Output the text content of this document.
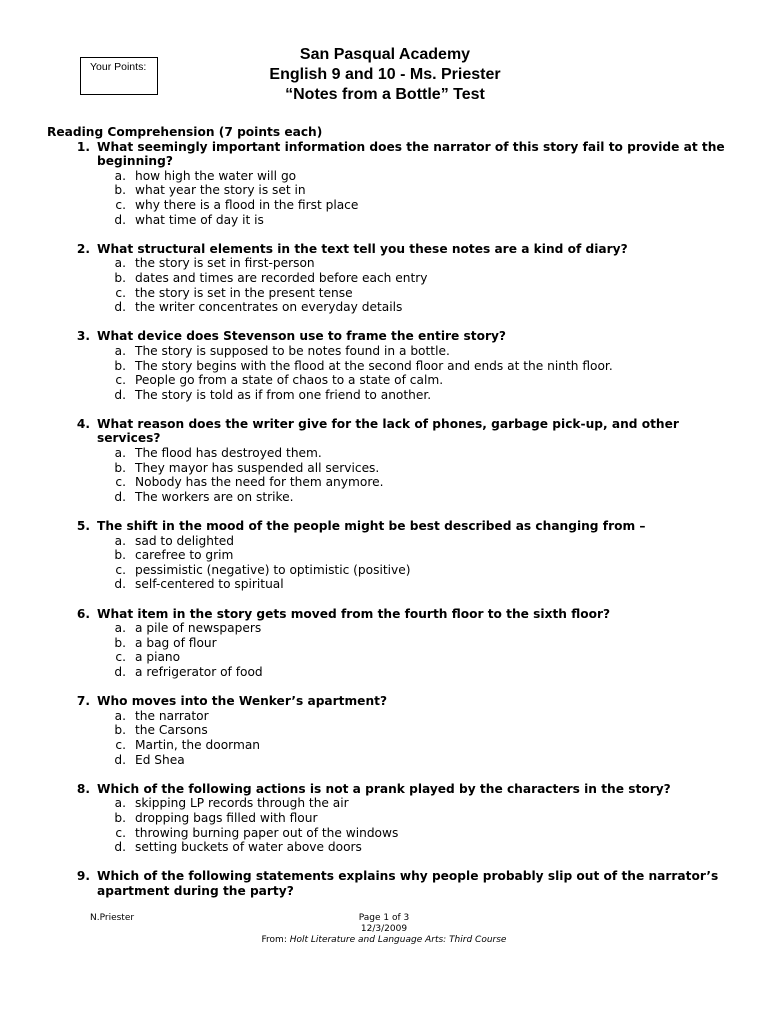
Your Points:
San Pasqual Academy
English 9 and 10 - Ms. Priester
“Notes from a Bottle” Test
Reading Comprehension (7 points each)
1. What seemingly important information does the narrator of this story fail to provide at the beginning?
a. how high the water will go
b. what year the story is set in
c. why there is a flood in the first place
d. what time of day it is
2. What structural elements in the text tell you these notes are a kind of diary?
a. the story is set in first-person
b. dates and times are recorded before each entry
c. the story is set in the present tense
d. the writer concentrates on everyday details
3. What device does Stevenson use to frame the entire story?
a. The story is supposed to be notes found in a bottle.
b. The story begins with the flood at the second floor and ends at the ninth floor.
c. People go from a state of chaos to a state of calm.
d. The story is told as if from one friend to another.
4. What reason does the writer give for the lack of phones, garbage pick-up, and other services?
a. The flood has destroyed them.
b. They mayor has suspended all services.
c. Nobody has the need for them anymore.
d. The workers are on strike.
5. The shift in the mood of the people might be best described as changing from –
a. sad to delighted
b. carefree to grim
c. pessimistic (negative) to optimistic (positive)
d. self-centered to spiritual
6. What item in the story gets moved from the fourth floor to the sixth floor?
a. a pile of newspapers
b. a bag of flour
c. a piano
d. a refrigerator of food
7. Who moves into the Wenker’s apartment?
a. the narrator
b. the Carsons
c. Martin, the doorman
d. Ed Shea
8. Which of the following actions is not a prank played by the characters in the story?
a. skipping LP records through the air
b. dropping bags filled with flour
c. throwing burning paper out of the windows
d. setting buckets of water above doors
9. Which of the following statements explains why people probably slip out of the narrator’s apartment during the party?
N.Priester	Page 1 of 3
12/3/2009
From: Holt Literature and Language Arts: Third Course
